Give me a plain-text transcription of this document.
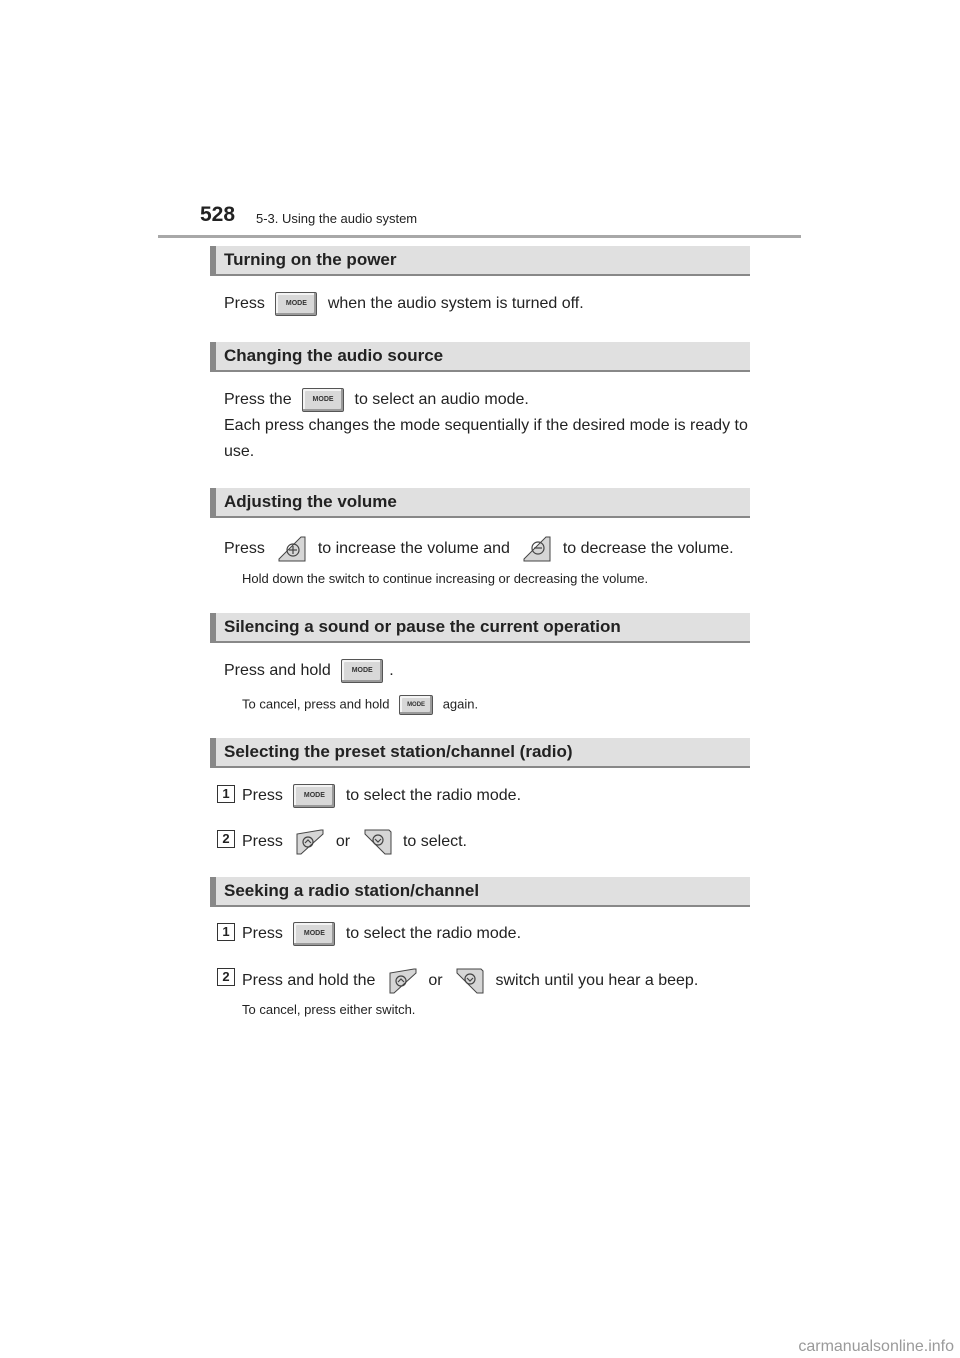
528 5-3. Using the audio system
Turning on the power
Press	MODE when the audio system is turned off.
Changing the audio source
Press the	MODE to select an audio mode.
Each press changes the mode sequentially if the desired mode is ready to
use.
Adjusting the volume
Press	to increase the volume and	to decrease the volume.
Hold down the switch to continue increasing or decreasing the volume.
Silencing a sound or pause the current operation
Press and hold	MODE .
To cancel, press and hold	MODE again.
Selecting the preset station/channel (radio)
1 Press	MODE to select the radio mode.
2 Press	or	to select.
Seeking a radio station/channel
1 Press	MODE to select the radio mode.
2 Press and hold the	or	switch until you hear a beep.
To cancel, press either switch.
carmanualsonline.info
